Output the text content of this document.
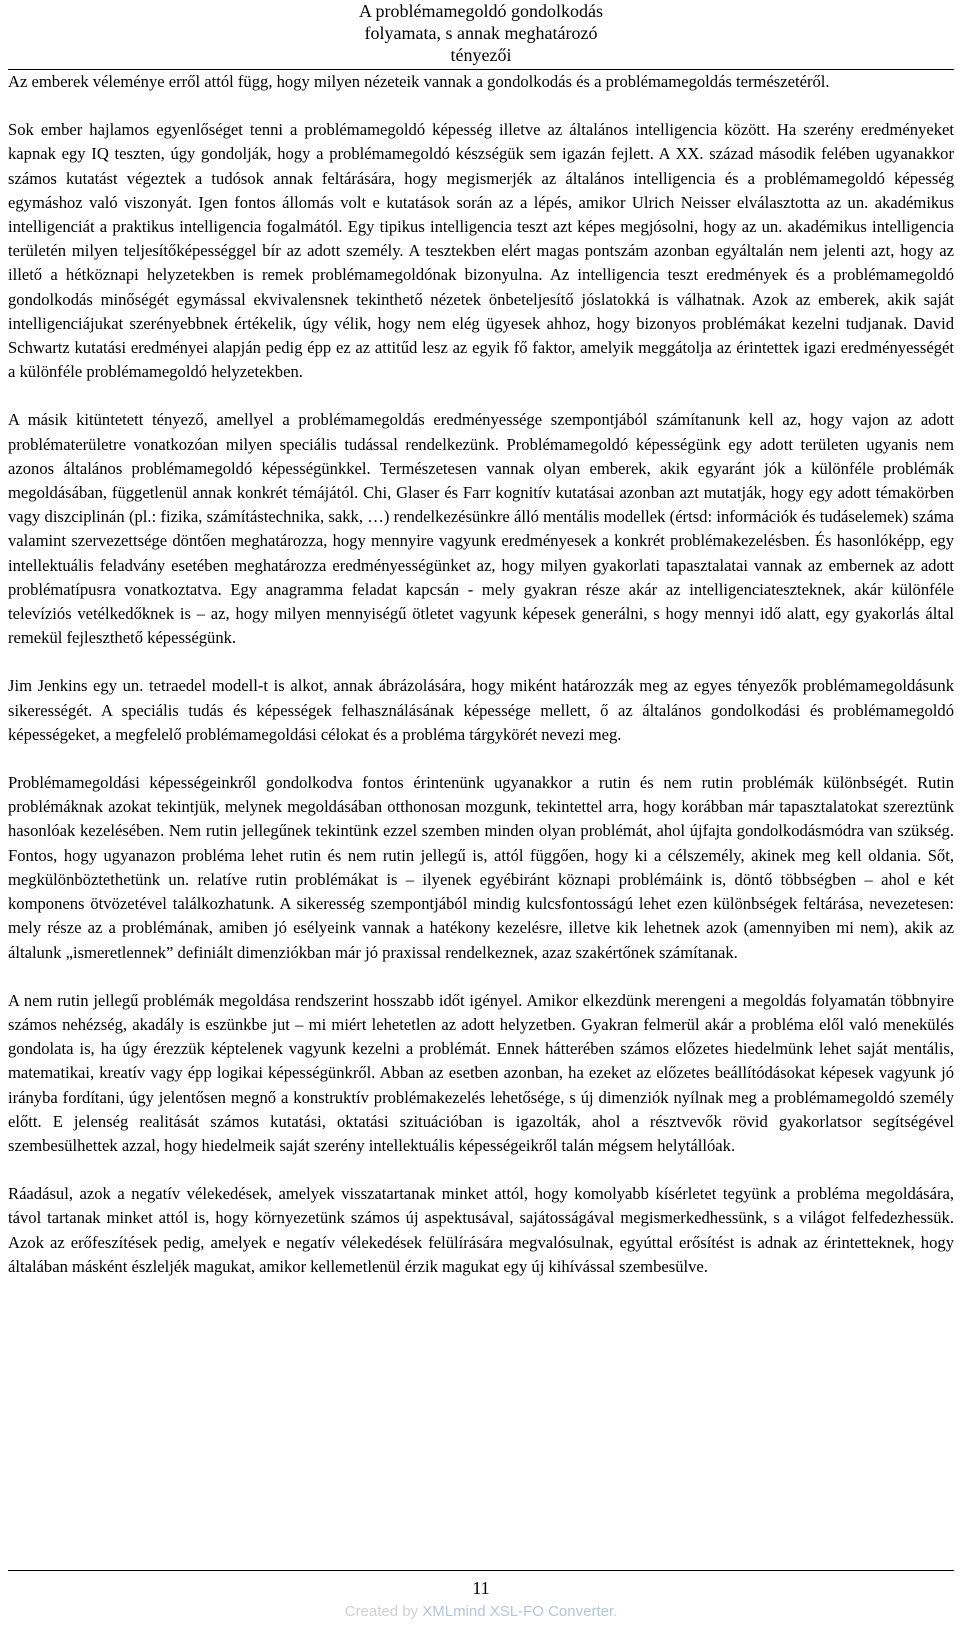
A problémamegoldó gondolkodás
folyamata, s annak meghatározó
tényezői

Az emberek véleménye erről attól függ, hogy milyen nézeteik vannak a gondolkodás és a problémamegoldás természetéről.

Sok ember hajlamos egyenlőséget tenni a problémamegoldó képesség illetve az általános intelligencia között. Ha szerény eredményeket kapnak egy IQ teszten, úgy gondolják, hogy a problémamegoldó készségük sem igazán fejlett. A XX. század második felében ugyanakkor számos kutatást végeztek a tudósok annak feltárására, hogy megismerjék az általános intelligencia és a problémamegoldó képesség egymáshoz való viszonyát. Igen fontos állomás volt e kutatások során az a lépés, amikor Ulrich Neisser elválasztotta az un. akadémikus intelligenciát a praktikus intelligencia fogalmától. Egy tipikus intelligencia teszt azt képes megjósolni, hogy az un. akadémikus intelligencia területén milyen teljesítőképességgel bír az adott személy. A tesztekben elért magas pontszám azonban egyáltalán nem jelenti azt, hogy az illető a hétköznapi helyzetekben is remek problémamegoldónak bizonyulna. Az intelligencia teszt eredmények és a problémamegoldó gondolkodás minőségét egymással ekvivalensnek tekinthető nézetek önbeteljesítő jóslatokká is válhatnak. Azok az emberek, akik saját intelligenciájukat szerényebbnek értékelik, úgy vélik, hogy nem elég ügyesek ahhoz, hogy bizonyos problémákat kezelni tudjanak. David Schwartz kutatási eredményei alapján pedig épp ez az attitűd lesz az egyik fő faktor, amelyik meggátolja az érintettek igazi eredményességét a különféle problémamegoldó helyzetekben.

A másik kitüntetett tényező, amellyel a problémamegoldás eredményessége szempontjából számítanunk kell az, hogy vajon az adott problématerületre vonatkozóan milyen speciális tudással rendelkezünk. Problémamegoldó képességünk egy adott területen ugyanis nem azonos általános problémamegoldó képességünkkel. Természetesen vannak olyan emberek, akik egyaránt jók a különféle problémák megoldásában, függetlenül annak konkrét témájától. Chi, Glaser és Farr kognitív kutatásai azonban azt mutatják, hogy egy adott témakörben vagy diszciplinán (pl.: fizika, számítástechnika, sakk, …) rendelkezésünkre álló mentális modellek (értsd: információk és tudáselemek) száma valamint szervezettsége döntően meghatározza, hogy mennyire vagyunk eredményesek a konkrét problémakezelésben. És hasonlóképp, egy intellektuális feladvány esetében meghatározza eredményességünket az, hogy milyen gyakorlati tapasztalatai vannak az embernek az adott problématípusra vonatkoztatva. Egy anagramma feladat kapcsán - mely gyakran része akár az intelligenciateszteknek, akár különféle televíziós vetélkedőknek is – az, hogy milyen mennyiségű ötletet vagyunk képesek generálni, s hogy mennyi idő alatt, egy gyakorlás által remekül fejleszthető képességünk.

Jim Jenkins egy un. tetraedel modell-t is alkot, annak ábrázolására, hogy miként határozzák meg az egyes tényezők problémamegoldásunk sikerességét. A speciális tudás és képességek felhasználásának képessége mellett, ő az általános gondolkodási és problémamegoldó képességeket, a megfelelő problémamegoldási célokat és a probléma tárgykörét nevezi meg.

Problémamegoldási képességeinkről gondolkodva fontos érintenünk ugyanakkor a rutin és nem rutin problémák különbségét. Rutin problémáknak azokat tekintjük, melynek megoldásában otthonosan mozgunk, tekintettel arra, hogy korábban már tapasztalatokat szereztünk hasonlóak kezelésében. Nem rutin jellegűnek tekintünk ezzel szemben minden olyan problémát, ahol újfajta gondolkodásmódra van szükség. Fontos, hogy ugyanazon probléma lehet rutin és nem rutin jellegű is, attól függően, hogy ki a célszemély, akinek meg kell oldania. Sőt, megkülönböztethetünk un. relatíve rutin problémákat is – ilyenek egyébiránt köznapi problémáink is, döntő többségben – ahol e két komponens ötvözetével találkozhatunk. A sikeresség szempontjából mindig kulcsfontosságú lehet ezen különbségek feltárása, nevezetesen: mely része az a problémának, amiben jó esélyeink vannak a hatékony kezelésre, illetve kik lehetnek azok (amennyiben mi nem), akik az általunk „ismeretlennek” definiált dimenziókban már jó praxissal rendelkeznek, azaz szakértőnek számítanak.

A nem rutin jellegű problémák megoldása rendszerint hosszabb időt igényel. Amikor elkezdünk merengeni a megoldás folyamatán többnyire számos nehézség, akadály is eszünkbe jut – mi miért lehetetlen az adott helyzetben. Gyakran felmerül akár a probléma elől való menekülés gondolata is, ha úgy érezzük képtelenek vagyunk kezelni a problémát. Ennek hátterében számos előzetes hiedelmünk lehet saját mentális, matematikai, kreatív vagy épp logikai képességünkről. Abban az esetben azonban, ha ezeket az előzetes beállítódásokat képesek vagyunk jó irányba fordítani, úgy jelentősen megnő a konstruktív problémakezelés lehetősége, s új dimenziók nyílnak meg a problémamegoldó személy előtt. E jelenség realitását számos kutatási, oktatási szituációban is igazolták, ahol a résztvevők rövid gyakorlatsor segítségével szembesülhettek azzal, hogy hiedelmeik saját szerény intellektuális képességeikről talán mégsem helytállóak.

Ráadásul, azok a negatív vélekedések, amelyek visszatartanak minket attól, hogy komolyabb kísérletet tegyünk a probléma megoldására, távol tartanak minket attól is, hogy környezetünk számos új aspektusával, sajátosságával megismerkedhessünk, s a világot felfedezhessük. Azok az erőfeszítések pedig, amelyek e negatív vélekedések felülírására megvalósulnak, egyúttal erősítést is adnak az érintetteknek, hogy általában másként észleljék magukat, amikor kellemetlenül érzik magukat egy új kihívással szembesülve.

11
Created by XMLmind XSL-FO Converter.
